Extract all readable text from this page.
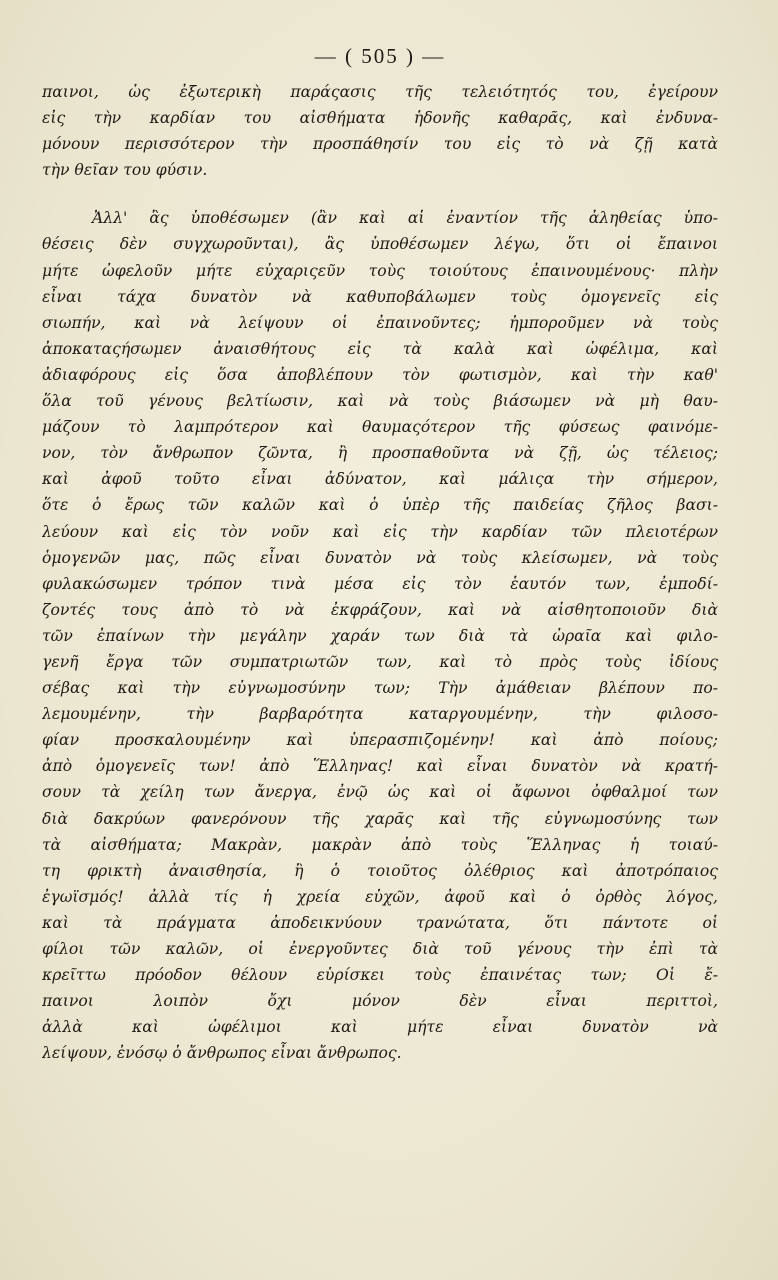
— ( 505 ) —
παινοι, ὡς ἐξωτερικὴ παράςασις τῆς τελειότητός του, ἐγείρουν
εἰς τὴν καρδίαν του αἰσθήματα ἡδονῆς καθαρᾶς, καὶ ἐνδυνα-
μόνουν περισσότερον τὴν προσπάθησίν του εἰς τὸ νὰ ζῇ κατὰ
τὴν θεῖαν του φύσιν.
Ἀλλ' ἂς ὑποθέσωμεν (ἂν καὶ αἱ ἐναντίον τῆς ἀληθείας ὑπο-
θέσεις δὲν συγχωροῦνται), ἂς ὑποθέσωμεν λέγω, ὅτι οἱ ἔπαινοι
μήτε ὠφελοῦν μήτε εὐχαριςεῦν τοὺς τοιούτους ἐπαινουμένους· πλὴν
εἶναι τάχα δυνατὸν νὰ καθυποβάλωμεν τοὺς ὁμογενεῖς εἰς
σιωπήν, καὶ νὰ λείψουν οἱ ἐπαινοῦντες; ἠμποροῦμεν νὰ τοὺς
ἀποκαταςήσωμεν ἀναισθήτους εἰς τὰ καλὰ καὶ ὠφέλιμα, καὶ
ἀδιαφόρους εἰς ὅσα ἀποβλέπουν τὸν φωτισμὸν, καὶ τὴν καθ'
ὅλα τοῦ γένους βελτίωσιν, καὶ νὰ τοὺς βιάσωμεν νὰ μὴ θαυ-
μάζουν τὸ λαμπρότερον καὶ θαυμαςότερον τῆς φύσεως φαινόμε-
νον, τὸν ἄνθρωπον ζῶντα, ἢ προσπαθοῦντα νὰ ζῇ, ὡς τέλειος;
καὶ ἀφοῦ τοῦτο εἶναι ἀδύνατον, καὶ μάλιςα τὴν σήμερον,
ὅτε ὁ ἔρως τῶν καλῶν καὶ ὁ ὑπὲρ τῆς παιδείας ζῆλος βασι-
λεύουν καὶ εἰς τὸν νοῦν καὶ εἰς τὴν καρδίαν τῶν πλειοτέρων
ὁμογενῶν μας, πῶς εἶναι δυνατὸν νὰ τοὺς κλείσωμεν, νὰ τοὺς
φυλακώσωμεν τρόπον τινὰ μέσα εἰς τὸν ἑαυτόν των, ἐμποδί-
ζοντές τους ἀπὸ τὸ νὰ ἐκφράζουν, καὶ νὰ αἰσθητοποιοῦν διὰ
τῶν ἐπαίνων τὴν μεγάλην χαράν των διὰ τὰ ὡραῖα καὶ φιλο-
γενῆ ἔργα τῶν συμπατριωτῶν των, καὶ τὸ πρὸς τοὺς ἰδίους
σέβας καὶ τὴν εὐγνωμοσύνην των; Τὴν ἀμάθειαν βλέπουν πο-
λεμουμένην, τὴν βαρβαρότητα καταργουμένην, τὴν φιλοσο-
φίαν προσκαλουμένην καὶ ὑπερασπιζομένην! καὶ ἀπὸ ποίους;
ἀπὸ ὁμογενεῖς των! ἀπὸ Ἕλληνας! καὶ εἶναι δυνατὸν νὰ κρατή-
σουν τὰ χείλη των ἄνεργα, ἐνῷ ὡς καὶ οἱ ἄφωνοι ὀφθαλμοί των
διὰ δακρύων φανερόνουν τῆς χαρᾶς καὶ τῆς εὐγνωμοσύνης των
τὰ αἰσθήματα; Μακρὰν, μακρὰν ἀπὸ τοὺς Ἕλληνας ἡ τοιαύ-
τη φρικτὴ ἀναισθησία, ἢ ὁ τοιοῦτος ὀλέθριος καὶ ἀποτρόπαιος
ἐγωϊσμός! ἀλλὰ τίς ἡ χρεία εὐχῶν, ἀφοῦ καὶ ὁ ὀρθὸς λόγος,
καὶ τὰ πράγματα ἀποδεικνύουν τρανώτατα, ὅτι πάντοτε οἱ
φίλοι τῶν καλῶν, οἱ ἐνεργοῦντες διὰ τοῦ γένους τὴν ἐπὶ τὰ
κρεῖττω πρόοδον θέλουν εὑρίσκει τοὺς ἐπαινέτας των; Οἱ ἔ-
παινοι λοιπὸν ὄχι μόνον δὲν εἶναι περιττοὶ,
ἀλλὰ καὶ ὠφέλιμοι καὶ μήτε εἶναι δυνατὸν νὰ
λείψουν, ἐνόσῳ ὁ ἄνθρωπος εἶναι ἄνθρωπος.
